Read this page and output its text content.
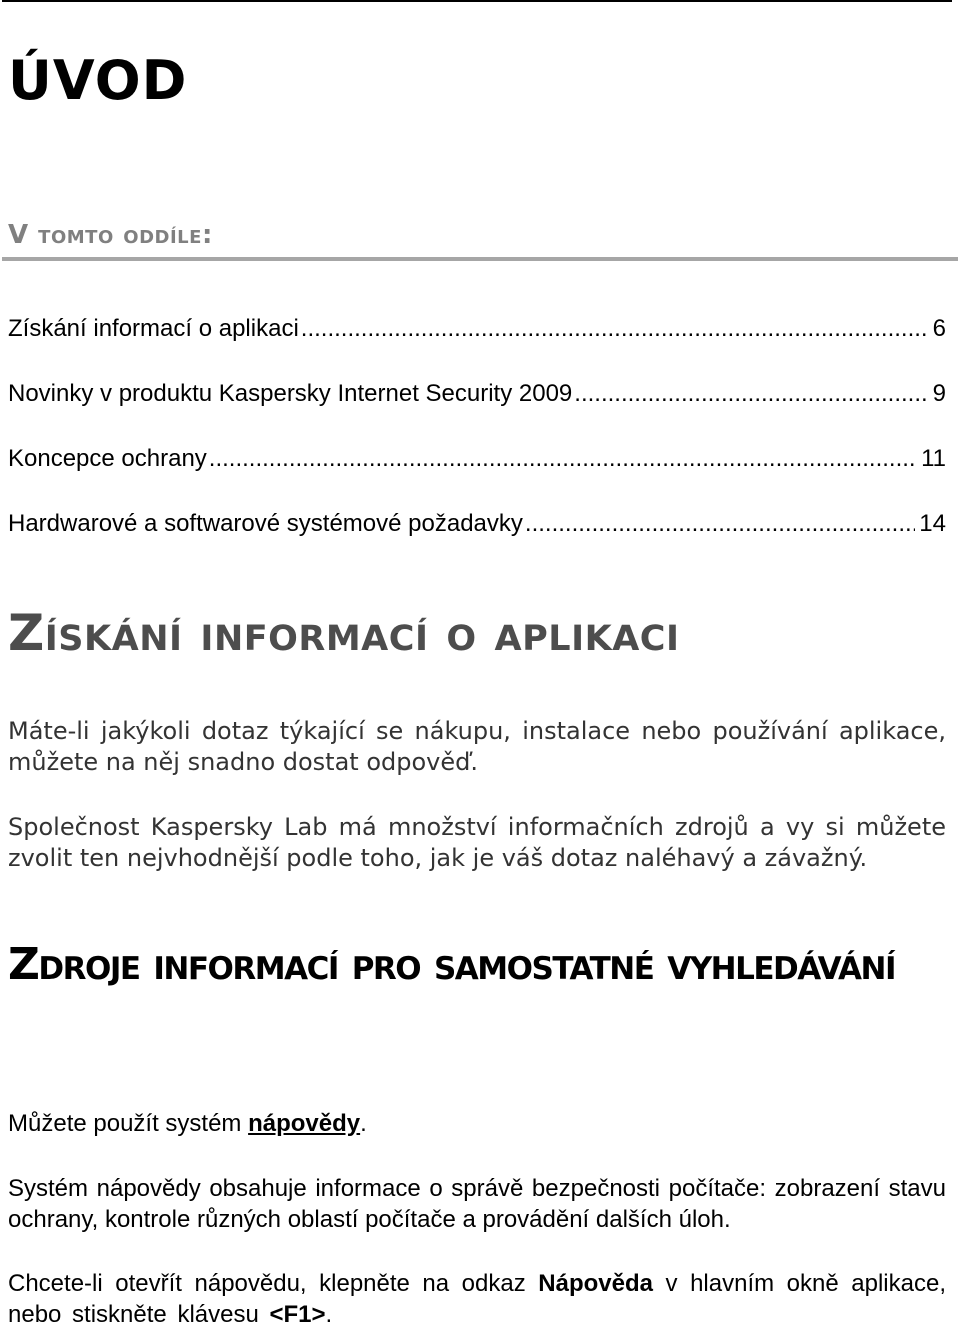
ÚVOD
V tomto oddíle:
Získání informací o aplikaci .....	6
Novinky v produktu Kaspersky Internet Security 2009 .....	9
Koncepce ochrany .....	11
Hardwarové a softwarové systémové požadavky .....	14
Získání informací o aplikaci

Máte-li jakýkoli dotaz týkající se nákupu, instalace nebo používání aplikace, můžete na něj snadno dostat odpověď.

Společnost Kaspersky Lab má množství informačních zdrojů a vy si můžete zvolit ten nejvhodnější podle toho, jak je váš dotaz naléhavý a závažný.

Zdroje informací pro samostatné vyhledávání

Můžete použít systém nápovědy.

Systém nápovědy obsahuje informace o správě bezpečnosti počítače: zobrazení stavu ochrany, kontrole různých oblastí počítače a provádění dalších úloh.

Chcete-li otevřít nápovědu, klepněte na odkaz Nápověda v hlavním okně aplikace, nebo stiskněte klávesu <F1>.
